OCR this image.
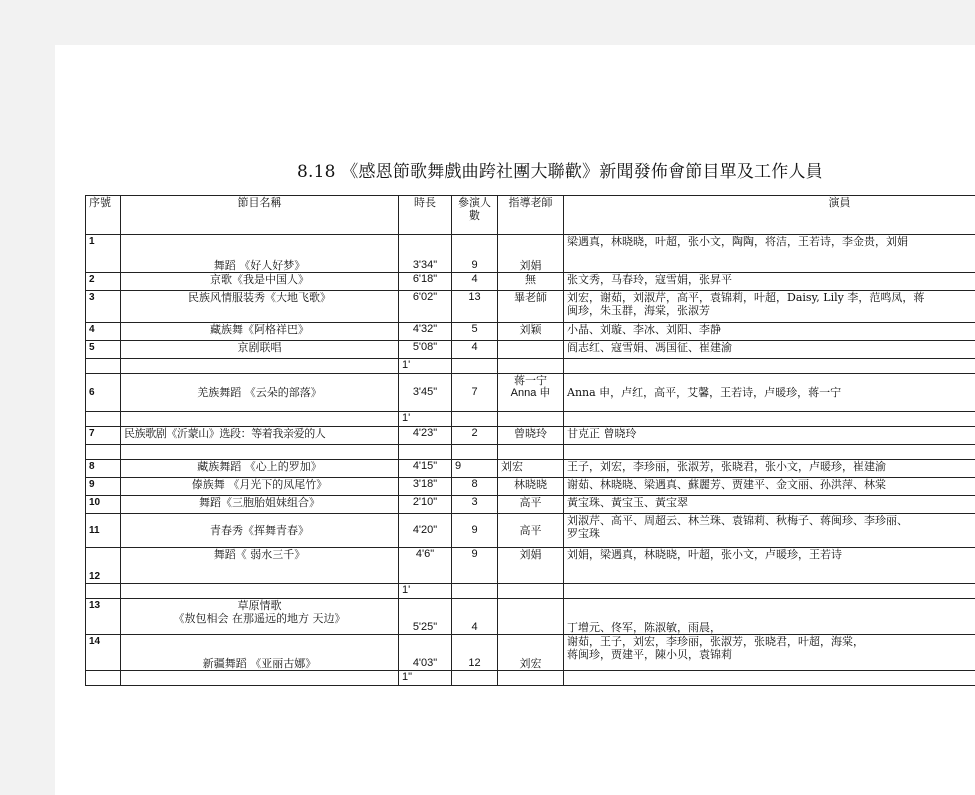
8.18 《感恩節歌舞戲曲跨社團大聯歡》新聞發佈會節目單及工作人員
序號	節目名稱	時長	參演人數	指導老師	演員
1	舞蹈 《好人好梦》	3'34"	9	刘娟	梁遇真，林晓晓，叶超，张小文，陶陶，将洁，王若诗，李金贵，刘娟
2	京歌《我是中国人》	6'18"	4	無	张文秀，马春玲，寇雪娟，张昇平
3	民族风情服装秀《大地飞歌》	6'02"	13	畢老師	刘宏，谢茹，刘淑芹，高平，袁锦莉，叶超，Daisy, Lily 李，范鸣凤，蒋
闽珍，朱玉群，海棠，张淑芳

4	藏族舞《阿格祥巴》	4'32"	5	刘颖	小晶、刘璇、李冰、刘阳、李静
5	京剧联唱	5'08"	4		阎志红、寇雪娟、馮国征、崔建渝
		1'			
6	羌族舞蹈 《云朵的部落》	3'45"	7	蒋一宁
Anna 申	Anna 申，卢红，高平，艾馨，王若诗，卢暖珍，蒋一宁
		1'			
7	民族歌剧《沂蒙山》选段：等着我亲爱的人	4'23"	2	曾晓玲	甘克正 曾晓玲

8	藏族舞蹈 《心上的罗加》	4'15"	9	刘宏	王子，刘宏，李珍丽，张淑芳，张晓君，张小文，卢暖珍，崔建渝
9	傣族舞 《月光下的凤尾竹》	3'18"	8	林晓晓	谢茹、林晓晓、梁遇真、蘇麗芳、贾建平、金文丽、孙洪萍、林棠
10	舞蹈《三胞胎姐妹组合》	2'10"	3	高平	黃宝珠、黃宝玉、黃宝翠
11	青春秀《挥舞青春》	4'20"	9	高平	刘淑芹、高平、周超云、林兰珠、袁锦莉、秋梅子、蒋闽珍、李珍丽、
罗宝珠

12	舞蹈《 弱水三千》	4'6"	9	刘娟	刘娟，梁遇真，林晓晓，叶超，张小文，卢暖珍，王若诗
		1'			
13	草原情歌
《敖包相会 在那遥远的地方 天边》	5'25"	4		丁增元、佟军，陈淑敏，雨晨，
14	新疆舞蹈 《亚丽古娜》	4'03"	12	刘宏	谢茹，王子，刘宏，李珍丽，张淑芳，张晓君，叶超，海棠，
蒋闽珍，贾建平，陳小贝，袁锦莉

		1"			
